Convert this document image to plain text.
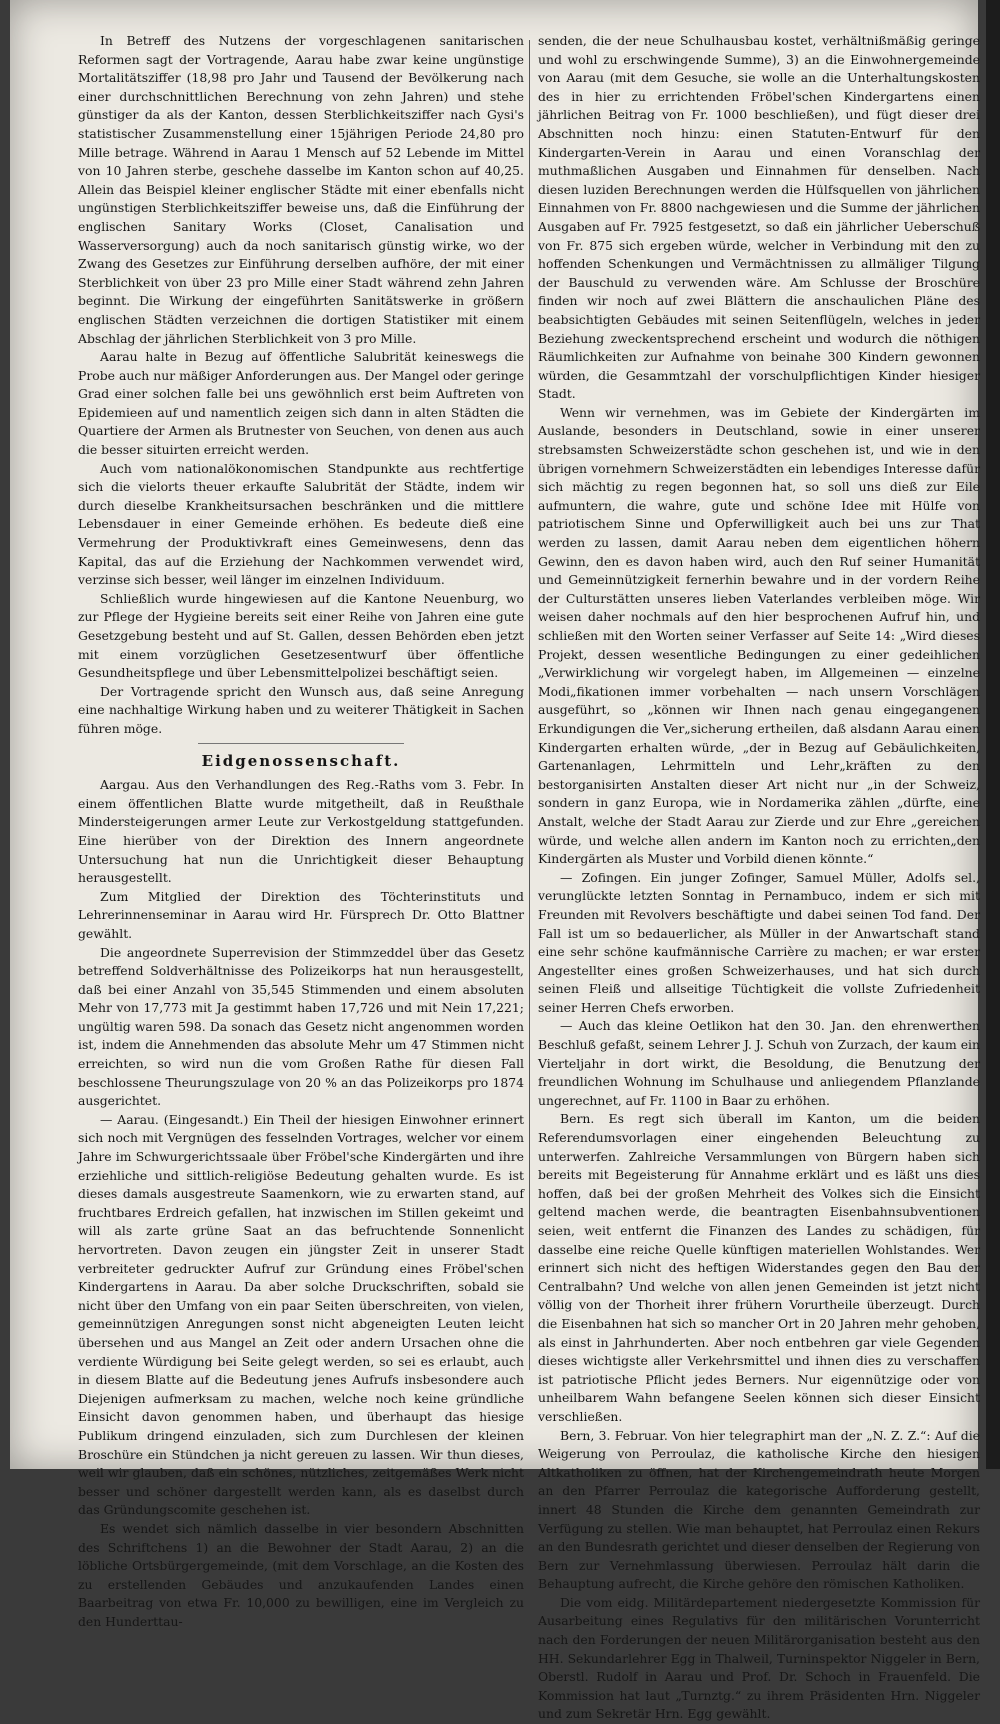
In Betreff des Nutzens der vorgeschlagenen sanitarischen Reformen sagt der Vortragende, Aarau habe zwar keine ungünstige Mortalitätsziffer (18,98 pro Jahr und Tausend der Bevölkerung nach einer durchschnittlichen Berechnung von zehn Jahren) und stehe günstiger da als der Kanton, dessen Sterblichkeitsziffer nach Gysi's statistischer Zusammenstellung einer 15jährigen Periode 24,80 pro Mille betrage. Während in Aarau 1 Mensch auf 52 Lebende im Mittel von 10 Jahren sterbe, geschehe dasselbe im Kanton schon auf 40,25. Allein das Beispiel kleiner englischer Städte mit einer ebenfalls nicht ungünstigen Sterblichkeitsziffer beweise uns, daß die Einführung der englischen Sanitary Works (Closet, Canalisation und Wasserversorgung) auch da noch sanitarisch günstig wirke, wo der Zwang des Gesetzes zur Einführung derselben aufhöre, der mit einer Sterblichkeit von über 23 pro Mille einer Stadt während zehn Jahren beginnt. Die Wirkung der eingeführten Sanitätswerke in größern englischen Städten verzeichnen die dortigen Statistiker mit einem Abschlag der jährlichen Sterblichkeit von 3 pro Mille.

Aarau halte in Bezug auf öffentliche Salubrität keineswegs die Probe auch nur mäßiger Anforderungen aus. Der Mangel oder geringe Grad einer solchen falle bei uns gewöhnlich erst beim Auftreten von Epidemieen auf und namentlich zeigen sich dann in alten Städten die Quartiere der Armen als Brutnester von Seuchen, von denen aus auch die besser situirten erreicht werden.

Auch vom nationalökonomischen Standpunkte aus rechtfertige sich die vielorts theuer erkaufte Salubrität der Städte, indem wir durch dieselbe Krankheitsursachen beschränken und die mittlere Lebensdauer in einer Gemeinde erhöhen. Es bedeute dieß eine Vermehrung der Produktivkraft eines Gemeinwesens, denn das Kapital, das auf die Erziehung der Nachkommen verwendet wird, verzinse sich besser, weil länger im einzelnen Individuum.

Schließlich wurde hingewiesen auf die Kantone Neuenburg, wo zur Pflege der Hygieine bereits seit einer Reihe von Jahren eine gute Gesetzgebung besteht und auf St. Gallen, dessen Behörden eben jetzt mit einem vorzüglichen Gesetzesentwurf über öffentliche Gesundheitspflege und über Lebensmittelpolizei beschäftigt seien.

Der Vortragende spricht den Wunsch aus, daß seine Anregung eine nachhaltige Wirkung haben und zu weiterer Thätigkeit in Sachen führen möge.

Eidgenossenschaft.

Aargau. Aus den Verhandlungen des Reg.-Raths vom 3. Febr. In einem öffentlichen Blatte wurde mitgetheilt, daß in Reußthale Mindersteigerungen armer Leute zur Verkostgeldung stattgefunden. Eine hierüber von der Direktion des Innern angeordnete Untersuchung hat nun die Unrichtigkeit dieser Behauptung herausgestellt.

Zum Mitglied der Direktion des Töchterinstituts und Lehrerinnenseminar in Aarau wird Hr. Fürsprech Dr. Otto Blattner gewählt.

Die angeordnete Superrevision der Stimmzeddel über das Gesetz betreffend Soldverhältnisse des Polizeikorps hat nun herausgestellt, daß bei einer Anzahl von 35,545 Stimmenden und einem absoluten Mehr von 17,773 mit Ja gestimmt haben 17,726 und mit Nein 17,221; ungültig waren 598. Da sonach das Gesetz nicht angenommen worden ist, indem die Annehmenden das absolute Mehr um 47 Stimmen nicht erreichten, so wird nun die vom Großen Rathe für diesen Fall beschlossene Theurungszulage von 20 % an das Polizeikorps pro 1874 ausgerichtet.

— Aarau. (Eingesandt.) Ein Theil der hiesigen Einwohner erinnert sich noch mit Vergnügen des fesselnden Vortrages, welcher vor einem Jahre im Schwurgerichtssaale über Fröbel'sche Kindergärten und ihre erziehliche und sittlich-religiöse Bedeutung gehalten wurde. Es ist dieses damals ausgestreute Saamenkorn, wie zu erwarten stand, auf fruchtbares Erdreich gefallen, hat inzwischen im Stillen gekeimt und will als zarte grüne Saat an das befruchtende Sonnenlicht hervortreten. Davon zeugen ein jüngster Zeit in unserer Stadt verbreiteter gedruckter Aufruf zur Gründung eines Fröbel'schen Kindergartens in Aarau. Da aber solche Druckschriften, sobald sie nicht über den Umfang von ein paar Seiten überschreiten, von vielen, gemeinnützigen Anregungen sonst nicht abgeneigten Leuten leicht übersehen und aus Mangel an Zeit oder andern Ursachen ohne die verdiente Würdigung bei Seite gelegt werden, so sei es erlaubt, auch in diesem Blatte auf die Bedeutung jenes Aufrufs insbesondere auch Diejenigen aufmerksam zu machen, welche noch keine gründliche Einsicht davon genommen haben, und überhaupt das hiesige Publikum dringend einzuladen, sich zum Durchlesen der kleinen Broschüre ein Stündchen ja nicht gereuen zu lassen. Wir thun dieses, weil wir glauben, daß ein schönes, nützliches, zeitgemäßes Werk nicht besser und schöner dargestellt werden kann, als es daselbst durch das Gründungscomite geschehen ist.

Es wendet sich nämlich dasselbe in vier besondern Abschnitten des Schriftchens 1) an die Bewohner der Stadt Aarau, 2) an die löbliche Ortsbürgergemeinde, (mit dem Vorschlage, an die Kosten des zu erstellenden Gebäudes und anzukaufenden Landes einen Baarbeitrag von etwa Fr. 10,000 zu bewilligen, eine im Vergleich zu den Hunderttau-

senden, die der neue Schulhausbau kostet, verhältnißmäßig geringe und wohl zu erschwingende Summe), 3) an die Einwohnergemeinde von Aarau (mit dem Gesuche, sie wolle an die Unterhaltungskosten des in hier zu errichtenden Fröbel'schen Kindergartens einen jährlichen Beitrag von Fr. 1000 beschließen), und fügt dieser drei Abschnitten noch hinzu: einen Statuten-Entwurf für den Kindergarten-Verein in Aarau und einen Voranschlag der muthmaßlichen Ausgaben und Einnahmen für denselben. Nach diesen luziden Berechnungen werden die Hülfsquellen von jährlichen Einnahmen von Fr. 8800 nachgewiesen und die Summe der jährlichen Ausgaben auf Fr. 7925 festgesetzt, so daß ein jährlicher Ueberschuß von Fr. 875 sich ergeben würde, welcher in Verbindung mit den zu hoffenden Schenkungen und Vermächtnissen zu allmäliger Tilgung der Bauschuld zu verwenden wäre. Am Schlusse der Broschüre finden wir noch auf zwei Blättern die anschaulichen Pläne des beabsichtigten Gebäudes mit seinen Seitenflügeln, welches in jeder Beziehung zweckentsprechend erscheint und wodurch die nöthigen Räumlichkeiten zur Aufnahme von beinahe 300 Kindern gewonnen würden, die Gesammtzahl der vorschulpflichtigen Kinder hiesiger Stadt.

Wenn wir vernehmen, was im Gebiete der Kindergärten im Auslande, besonders in Deutschland, sowie in einer unserer strebsamsten Schweizerstädte schon geschehen ist, und wie in den übrigen vornehmern Schweizerstädten ein lebendiges Interesse dafür sich mächtig zu regen begonnen hat, so soll uns dieß zur Eile aufmuntern, die wahre, gute und schöne Idee mit Hülfe von patriotischem Sinne und Opferwilligkeit auch bei uns zur That werden zu lassen, damit Aarau neben dem eigentlichen höhern Gewinn, den es davon haben wird, auch den Ruf seiner Humanität und Gemeinnützigkeit fernerhin bewahre und in der vordern Reihe der Culturstätten unseres lieben Vaterlandes verbleiben möge. Wir weisen daher nochmals auf den hier besprochenen Aufruf hin, und schließen mit den Worten seiner Verfasser auf Seite 14: „Wird dieses Projekt, dessen wesentliche Bedingungen zu einer gedeihlichen „Verwirklichung wir vorgelegt haben, im Allgemeinen — einzelne Modi„fikationen immer vorbehalten — nach unsern Vorschlägen ausgeführt, so „können wir Ihnen nach genau eingegangenen Erkundigungen die Ver„sicherung ertheilen, daß alsdann Aarau einen Kindergarten erhalten würde, „der in Bezug auf Gebäulichkeiten, Gartenanlagen, Lehrmitteln und Lehr„kräften zu den bestorganisirten Anstalten dieser Art nicht nur „in der Schweiz, sondern in ganz Europa, wie in Nordamerika zählen „dürfte, eine Anstalt, welche der Stadt Aarau zur Zierde und zur Ehre „gereichen würde, und welche allen andern im Kanton noch zu errichten„den Kindergärten als Muster und Vorbild dienen könnte.“

— Zofingen. Ein junger Zofinger, Samuel Müller, Adolfs sel., verunglückte letzten Sonntag in Pernambuco, indem er sich mit Freunden mit Revolvers beschäftigte und dabei seinen Tod fand. Der Fall ist um so bedauerlicher, als Müller in der Anwartschaft stand eine sehr schöne kaufmännische Carrière zu machen; er war erster Angestellter eines großen Schweizerhauses, und hat sich durch seinen Fleiß und allseitige Tüchtigkeit die vollste Zufriedenheit seiner Herren Chefs erworben.

— Auch das kleine Oetlikon hat den 30. Jan. den ehrenwerthen Beschluß gefaßt, seinem Lehrer J. J. Schuh von Zurzach, der kaum ein Vierteljahr in dort wirkt, die Besoldung, die Benutzung der freundlichen Wohnung im Schulhause und anliegendem Pflanzlande ungerechnet, auf Fr. 1100 in Baar zu erhöhen.

Bern. Es regt sich überall im Kanton, um die beiden Referendumsvorlagen einer eingehenden Beleuchtung zu unterwerfen. Zahlreiche Versammlungen von Bürgern haben sich bereits mit Begeisterung für Annahme erklärt und es läßt uns dies hoffen, daß bei der großen Mehrheit des Volkes sich die Einsicht geltend machen werde, die beantragten Eisenbahnsubventionen seien, weit entfernt die Finanzen des Landes zu schädigen, für dasselbe eine reiche Quelle künftigen materiellen Wohlstandes. Wer erinnert sich nicht des heftigen Widerstandes gegen den Bau der Centralbahn? Und welche von allen jenen Gemeinden ist jetzt nicht völlig von der Thorheit ihrer frühern Vorurtheile überzeugt. Durch die Eisenbahnen hat sich so mancher Ort in 20 Jahren mehr gehoben, als einst in Jahrhunderten. Aber noch entbehren gar viele Gegenden dieses wichtigste aller Verkehrsmittel und ihnen dies zu verschaffen ist patriotische Pflicht jedes Berners. Nur eigennützige oder von unheilbarem Wahn befangene Seelen können sich dieser Einsicht verschließen.

Bern, 3. Februar. Von hier telegraphirt man der „N. Z. Z.“: Auf die Weigerung von Perroulaz, die katholische Kirche den hiesigen Altkatholiken zu öffnen, hat der Kirchengemeindrath heute Morgen an den Pfarrer Perroulaz die kategorische Aufforderung gestellt, innert 48 Stunden die Kirche dem genannten Gemeindrath zur Verfügung zu stellen. Wie man behauptet, hat Perroulaz einen Rekurs an den Bundesrath gerichtet und dieser denselben der Regierung von Bern zur Vernehmlassung überwiesen. Perroulaz hält darin die Behauptung aufrecht, die Kirche gehöre den römischen Katholiken.

Die vom eidg. Militärdepartement niedergesetzte Kommission für Ausarbeitung eines Regulativs für den militärischen Vorunterricht nach den Forderungen der neuen Militärorganisation besteht aus den HH. Sekundarlehrer Egg in Thalweil, Turninspektor Niggeler in Bern, Oberstl. Rudolf in Aarau und Prof. Dr. Schoch in Frauenfeld. Die Kommission hat laut „Turnztg.“ zu ihrem Präsidenten Hrn. Niggeler und zum Sekretär Hrn. Egg gewählt.
